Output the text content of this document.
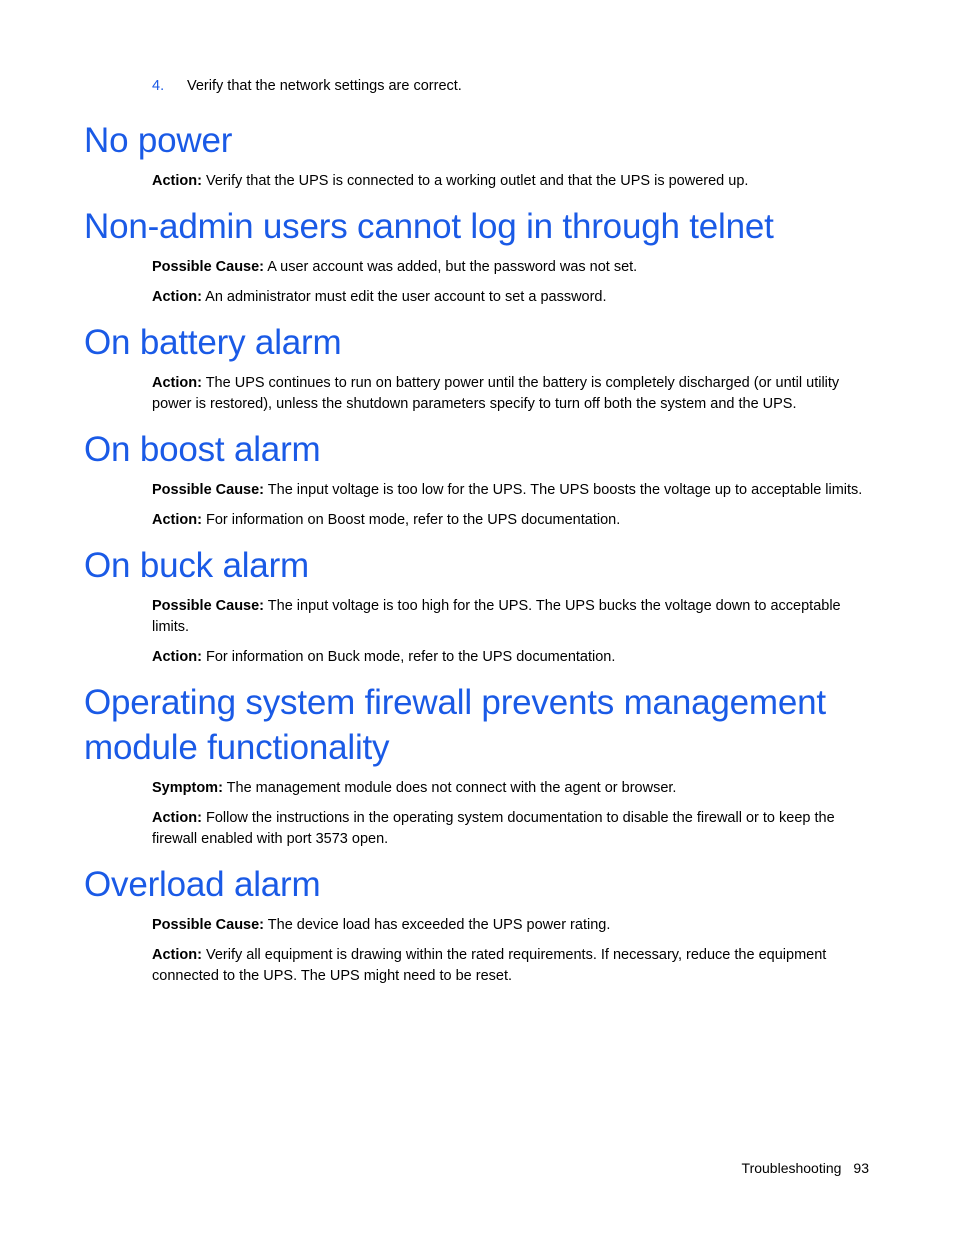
4. Verify that the network settings are correct.
No power

Action: Verify that the UPS is connected to a working outlet and that the UPS is powered up.

Non-admin users cannot log in through telnet

Possible Cause: A user account was added, but the password was not set.

Action: An administrator must edit the user account to set a password.

On battery alarm

Action: The UPS continues to run on battery power until the battery is completely discharged (or until utility power is restored), unless the shutdown parameters specify to turn off both the system and the UPS.

On boost alarm

Possible Cause: The input voltage is too low for the UPS. The UPS boosts the voltage up to acceptable limits.

Action: For information on Boost mode, refer to the UPS documentation.

On buck alarm

Possible Cause: The input voltage is too high for the UPS. The UPS bucks the voltage down to acceptable limits.

Action: For information on Buck mode, refer to the UPS documentation.

Operating system firewall prevents management module functionality

Symptom: The management module does not connect with the agent or browser.

Action: Follow the instructions in the operating system documentation to disable the firewall or to keep the firewall enabled with port 3573 open.

Overload alarm

Possible Cause: The device load has exceeded the UPS power rating.

Action: Verify all equipment is drawing within the rated requirements. If necessary, reduce the equipment connected to the UPS. The UPS might need to be reset.

Troubleshooting 93
